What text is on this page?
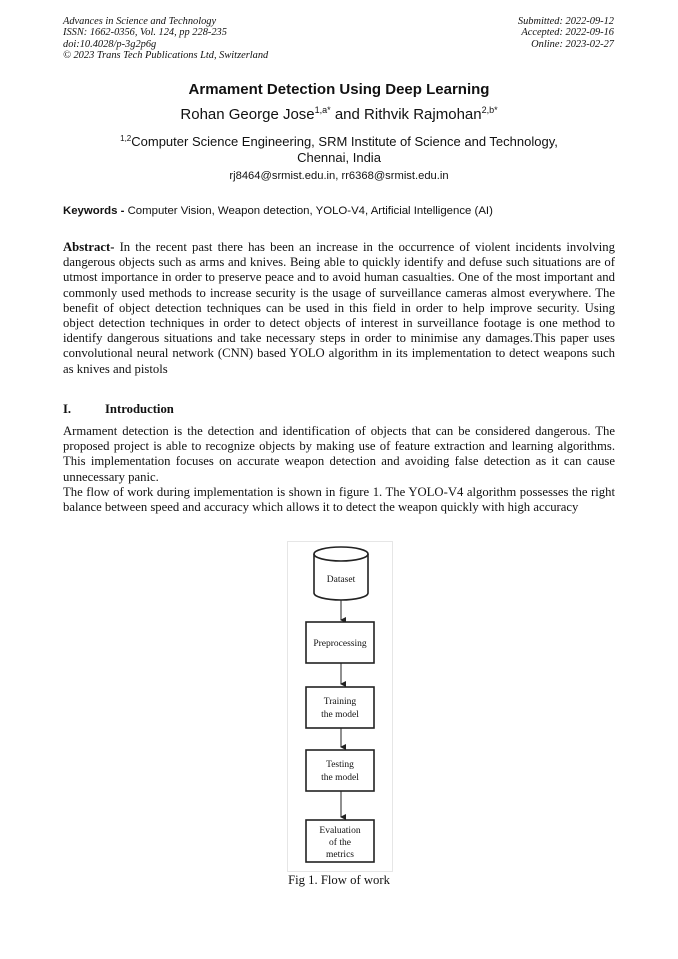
Advances in Science and Technology
ISSN: 1662-0356, Vol. 124, pp 228-235
doi:10.4028/p-3g2p6g
© 2023 Trans Tech Publications Ltd, Switzerland
Submitted: 2022-09-12
Accepted: 2022-09-16
Online: 2023-02-27
Armament Detection Using Deep Learning
Rohan George Jose$^{1,a*}$ and Rithvik Rajmohan$^{2,b*}$
$^{1,2}$Computer Science Engineering, SRM Institute of Science and Technology,
Chennai, India
rj8464@srmist.edu.in, rr6368@srmist.edu.in
Keywords - Computer Vision, Weapon detection, YOLO-V4, Artificial Intelligence (AI)
Abstract- In the recent past there has been an increase in the occurrence of violent incidents involving dangerous objects such as arms and knives. Being able to quickly identify and defuse such situations are of utmost importance in order to preserve peace and to avoid human casualties. One of the most important and commonly used methods to increase security is the usage of surveillance cameras almost everywhere. The benefit of object detection techniques can be used in this field in order to help improve security. Using object detection techniques in order to detect objects of interest in surveillance footage is one method to identify dangerous situations and take necessary steps in order to minimise any damages.This paper uses convolutional neural network (CNN) based YOLO algorithm in its implementation to detect weapons such as knives and pistols
I.	Introduction

Armament detection is the detection and identification of objects that can be considered dangerous. The proposed project is able to recognize objects by making use of feature extraction and learning algorithms. This implementation focuses on accurate weapon detection and avoiding false detection as it can cause unnecessary panic.

The flow of work during implementation is shown in figure 1. The YOLO-V4 algorithm possesses the right balance between speed and accuracy which allows it to detect the weapon quickly with high accuracy

Dataset
Preprocessing
Training
the model
Testing
the model
Evaluation
of the
metrics
Fig 1. Flow of work
